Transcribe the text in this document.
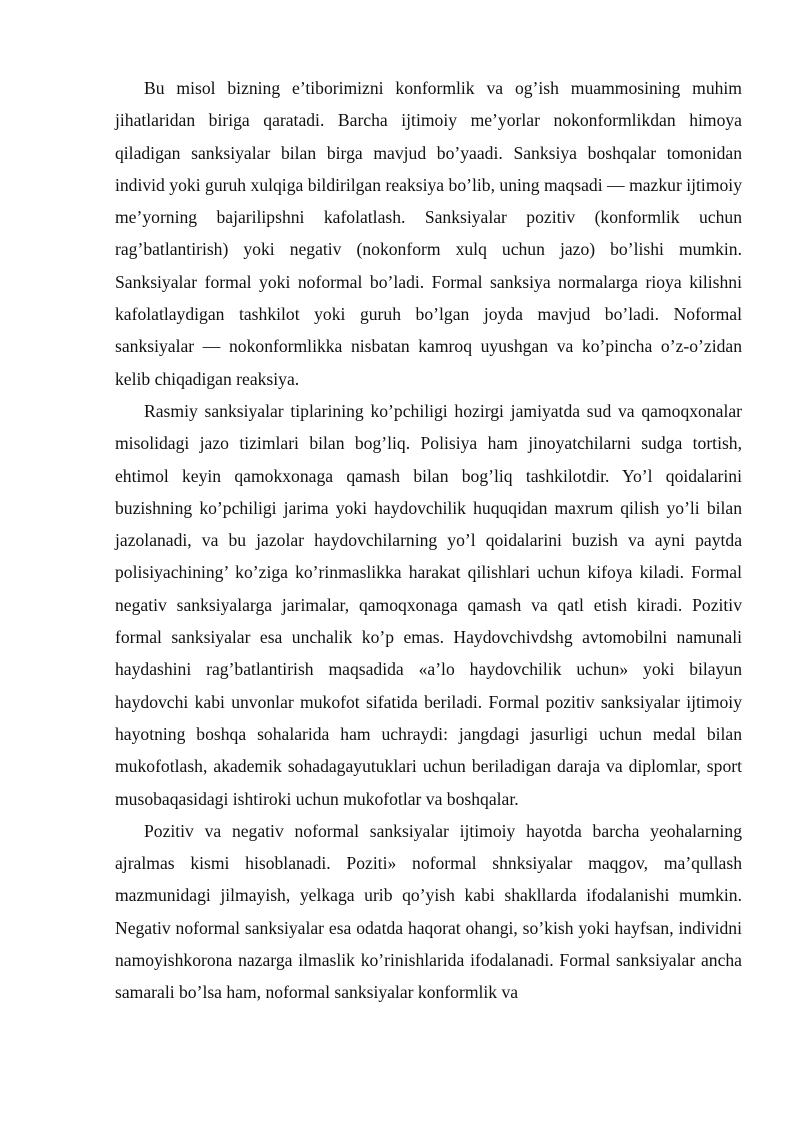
Bu misol bizning e’tiborimizni konformlik va og’ish muammosining muhim jihatlaridan biriga qaratadi. Barcha ijtimoiy me’yorlar nokonformlikdan himoya qiladigan sanksiyalar bilan birga mavjud bo’yaadi. Sanksiya boshqalar tomonidan individ yoki guruh xulqiga bildirilgan reaksiya bo’lib, uning maqsadi — mazkur ijtimoiy me’yorning bajarilipshni kafolatlash. Sanksiyalar pozitiv (konformlik uchun rag’batlantirish) yoki negativ (nokonform xulq uchun jazo) bo’lishi mumkin. Sanksiyalar formal yoki noformal bo’ladi. Formal sanksiya normalarga rioya kilishni kafolatlaydigan tashkilot yoki guruh bo’lgan joyda mavjud bo’ladi. Noformal sanksiyalar — nokonformlikka nisbatan kamroq uyushgan va ko’pincha o’z-o’zidan kelib chiqadigan reaksiya.

Rasmiy sanksiyalar tiplarining ko’pchiligi hozirgi jamiyatda sud va qamoqxonalar misolidagi jazo tizimlari bilan bog’liq. Polisiya ham jinoyatchilarni sudga tortish, ehtimol keyin qamokxonaga qamash bilan bog’liq tashkilotdir. Yo’l qoidalarini buzishning ko’pchiligi jarima yoki haydovchilik huquqidan maxrum qilish yo’li bilan jazolanadi, va bu jazolar haydovchilarning yo’l qoidalarini buzish va ayni paytda polisiyachining’ ko’ziga ko’rinmaslikka harakat qilishlari uchun kifoya kiladi. Formal negativ sanksiyalarga jarimalar, qamoqxonaga qamash va qatl etish kiradi. Pozitiv formal sanksiyalar esa unchalik ko’p emas. Haydovchivdshg avtomobilni namunali haydashini rag’batlantirish maqsadida «a’lo haydovchilik uchun» yoki bilayun haydovchi kabi unvonlar mukofot sifatida beriladi. Formal pozitiv sanksiyalar ijtimoiy hayotning boshqa sohalarida ham uchraydi: jangdagi jasurligi uchun medal bilan mukofotlash, akademik sohadagayutuklari uchun beriladigan daraja va diplomlar, sport musobaqasidagi ishtiroki uchun mukofotlar va boshqalar.

Pozitiv va negativ noformal sanksiyalar ijtimoiy hayotda barcha yeohalarning ajralmas kismi hisoblanadi. Poziti» noformal shnksiyalar maqgov, ma’qullash mazmunidagi jilmayish, yelkaga urib qo’yish kabi shakllarda ifodalanishi mumkin. Negativ noformal sanksiyalar esa odatda haqorat ohangi, so’kish yoki hayfsan, individni namoyishkorona nazarga ilmaslik ko’rinishlarida ifodalanadi. Formal sanksiyalar ancha samarali bo’lsa ham, noformal sanksiyalar konformlik va
